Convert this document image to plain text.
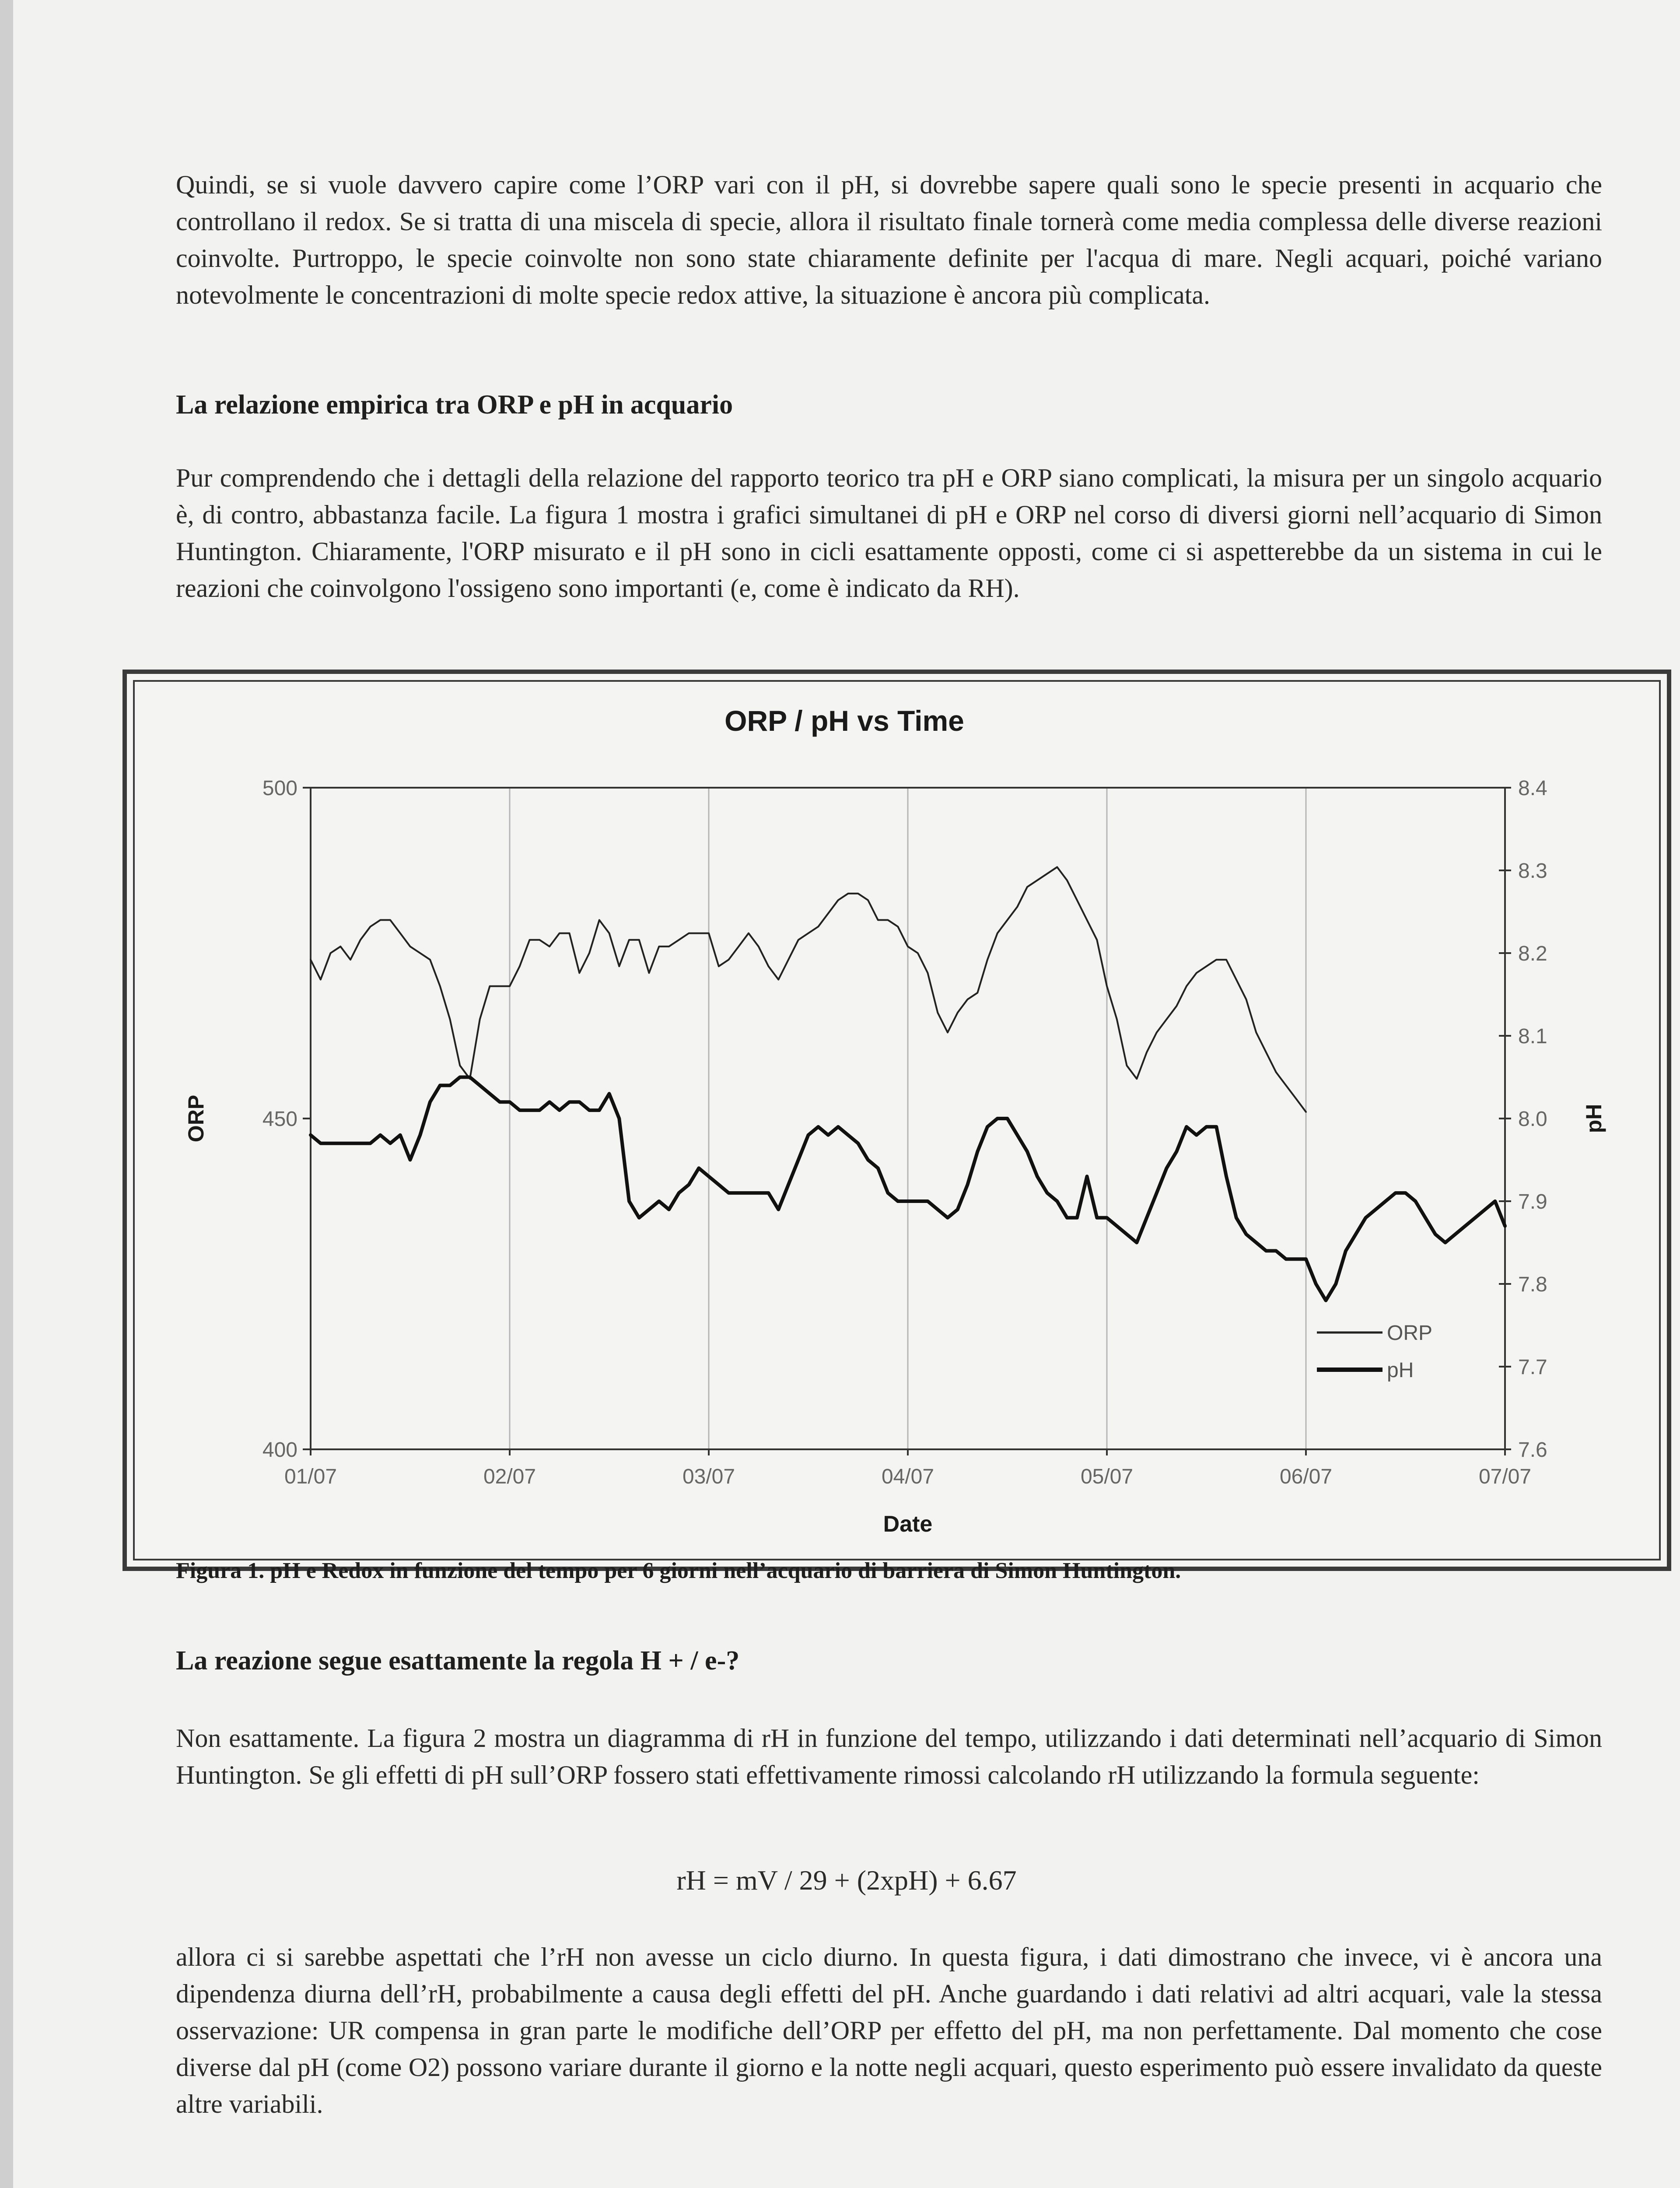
Quindi, se si vuole davvero capire come l’ORP vari con il pH, si dovrebbe sapere quali sono le specie presenti in acquario che controllano il redox. Se si tratta di una miscela di specie, allora il risultato finale tornerà come media complessa delle diverse reazioni coinvolte. Purtroppo, le specie coinvolte non sono state chiaramente definite per l'acqua di mare. Negli acquari, poiché variano notevolmente le concentrazioni di molte specie redox attive, la situazione è ancora più complicata.

La relazione empirica tra ORP e pH in acquario

Pur comprendendo che i dettagli della relazione del rapporto teorico tra pH e ORP siano complicati, la misura per un singolo acquario è, di contro, abbastanza facile. La figura 1 mostra i grafici simultanei di pH e ORP nel corso di diversi giorni nell’acquario di Simon Huntington. Chiaramente, l'ORP misurato e il pH sono in cicli esattamente opposti, come ci si aspetterebbe da un sistema in cui le reazioni che coinvolgono l'ossigeno sono importanti (e, come è indicato da RH).

ORP / pH vs Time
01/07	02/07	03/07	04/07	05/07	06/07	07/07
500
450
400
8.4
8.3
8.2
8.1
8.0
7.9
7.8
7.7
7.6
Date
ORP	pH
ORP
pH

Figura 1. pH e Redox in funzione del tempo per 6 giorni nell’acquario di barriera di Simon Huntington.

La reazione segue esattamente la regola H + / e-?

Non esattamente. La figura 2 mostra un diagramma di rH in funzione del tempo, utilizzando i dati determinati nell’acquario di Simon Huntington. Se gli effetti di pH sull’ORP fossero stati effettivamente rimossi calcolando rH utilizzando la formula seguente:

rH = mV / 29 + (2xpH) + 6.67

allora ci si sarebbe aspettati che l’rH non avesse un ciclo diurno. In questa figura, i dati dimostrano che invece, vi è ancora una dipendenza diurna dell’rH, probabilmente a causa degli effetti del pH. Anche guardando i dati relativi ad altri acquari, vale la stessa osservazione: UR compensa in gran parte le modifiche dell’ORP per effetto del pH, ma non perfettamente. Dal momento che cose diverse dal pH (come O2) possono variare durante il giorno e la notte negli acquari, questo esperimento può essere invalidato da queste altre variabili.
